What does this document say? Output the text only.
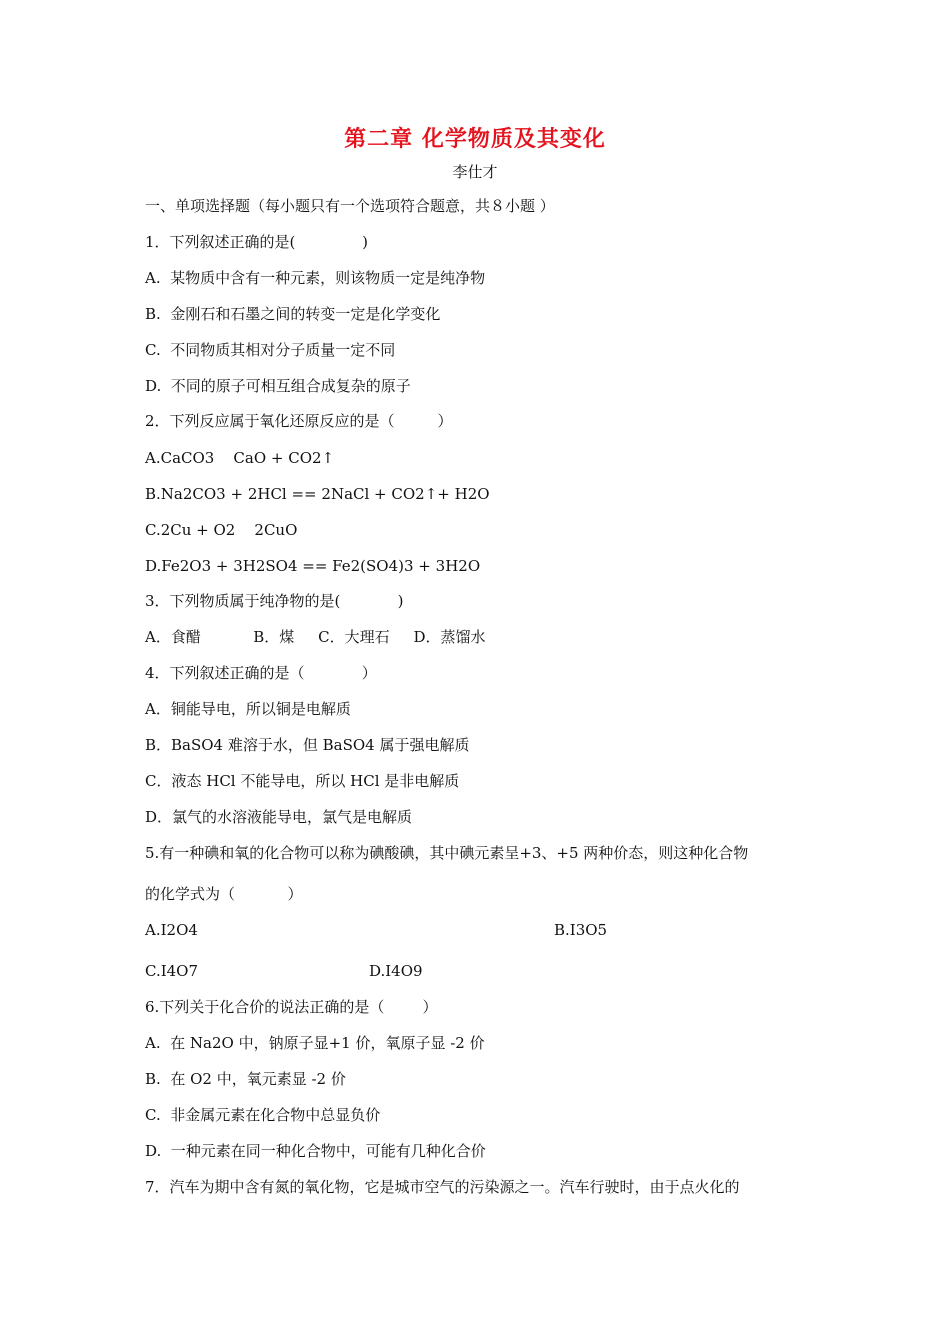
第二章 化学物质及其变化
李仕才
一、单项选择题（每小题只有一个选项符合题意，共８小题 ）
1．下列叙述正确的是(              )
A.  某物质中含有一种元素，则该物质一定是纯净物
B.  金刚石和石墨之间的转变一定是化学变化
C.  不同物质其相对分子质量一定不同
D.  不同的原子可相互组合成复杂的原子
2．下列反应属于氧化还原反应的是（         ）
A.CaCO3    CaO + CO2↑
B.Na2CO3 + 2HCl == 2NaCl + CO2↑+ H2O
C.2Cu + O2    2CuO
D.Fe2O3 + 3H2SO4 == Fe2(SO4)3 + 3H2O
3．下列物质属于纯净物的是(            )
A．食醋           B．煤     C．大理石     D．蒸馏水
4．下列叙述正确的是（            ）
A．铜能导电，所以铜是电解质
B．BaSO4 难溶于水，但 BaSO4 属于强电解质
C．液态 HCl 不能导电，所以 HCl 是非电解质
D．氯气的水溶液能导电，氯气是电解质
5.有一种碘和氧的化合物可以称为碘酸碘，其中碘元素呈+3、+5 两种价态，则这种化合物
的化学式为（           ）
A.I2O4	B.I3O5
C.I4O7	D.I4O9
6.下列关于化合价的说法正确的是（        ）
A.  在 Na2O 中，钠原子显+1 价，氧原子显 -2 价
B.  在 O2 中，氧元素显 -2 价
C.  非金属元素在化合物中总显负价
D.  一种元素在同一种化合物中，可能有几种化合价
7．汽车为期中含有氮的氧化物，它是城市空气的污染源之一。汽车行驶时，由于点火化的
